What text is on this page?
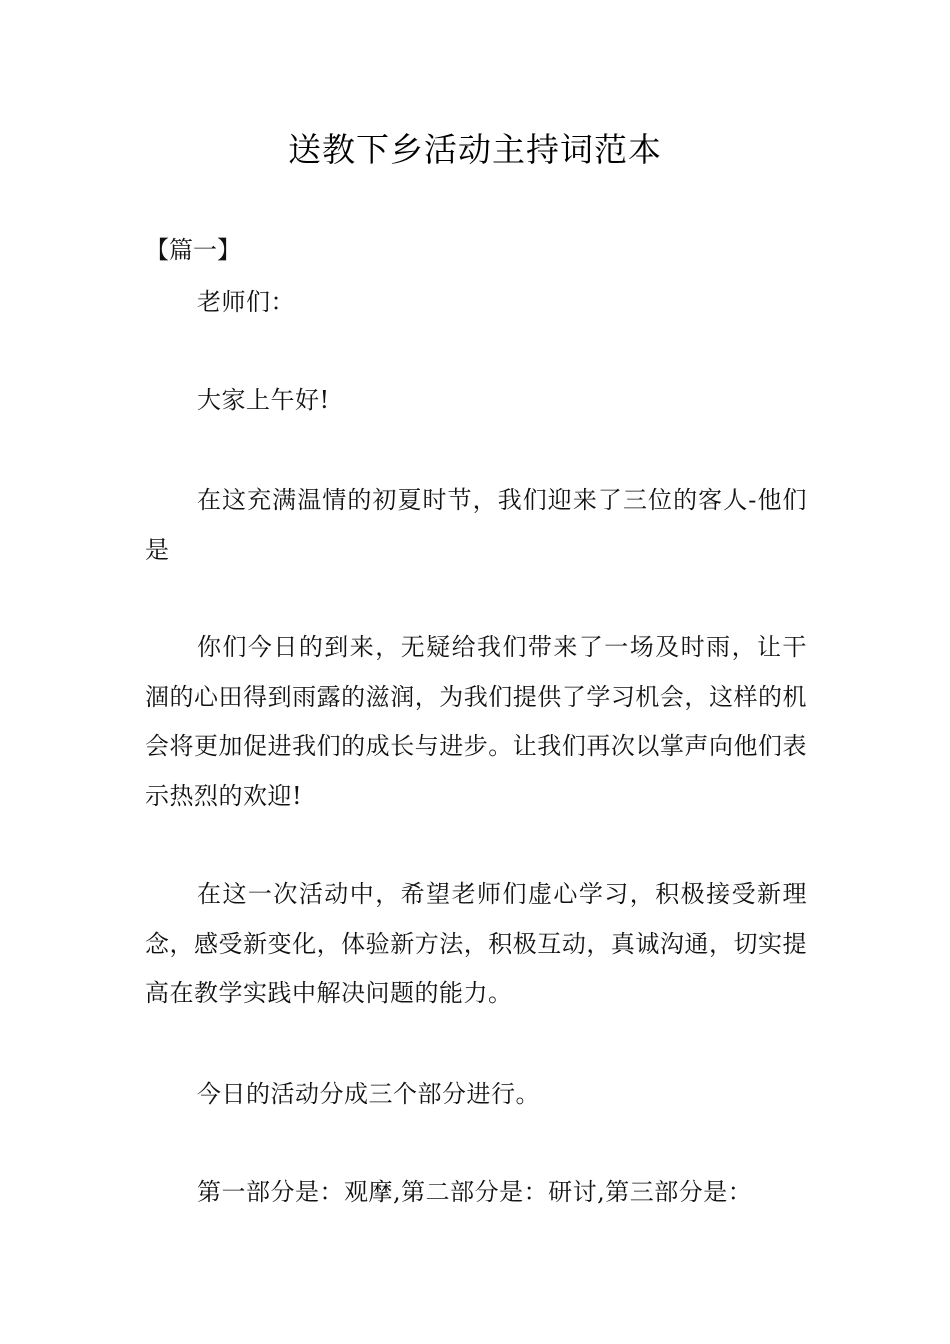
送教下乡活动主持词范本
【篇一】

老师们：

大家上午好!

在这充满温情的初夏时节，我们迎来了三位的客人-他们是

你们今日的到来，无疑给我们带来了一场及时雨，让干涸的心田得到雨露的滋润，为我们提供了学习机会，这样的机会将更加促进我们的成长与进步。让我们再次以掌声向他们表示热烈的欢迎!

在这一次活动中，希望老师们虚心学习，积极接受新理念，感受新变化，体验新方法，积极互动，真诚沟通，切实提高在教学实践中解决问题的能力。

今日的活动分成三个部分进行。

第一部分是：观摩,第二部分是：研讨,第三部分是：
